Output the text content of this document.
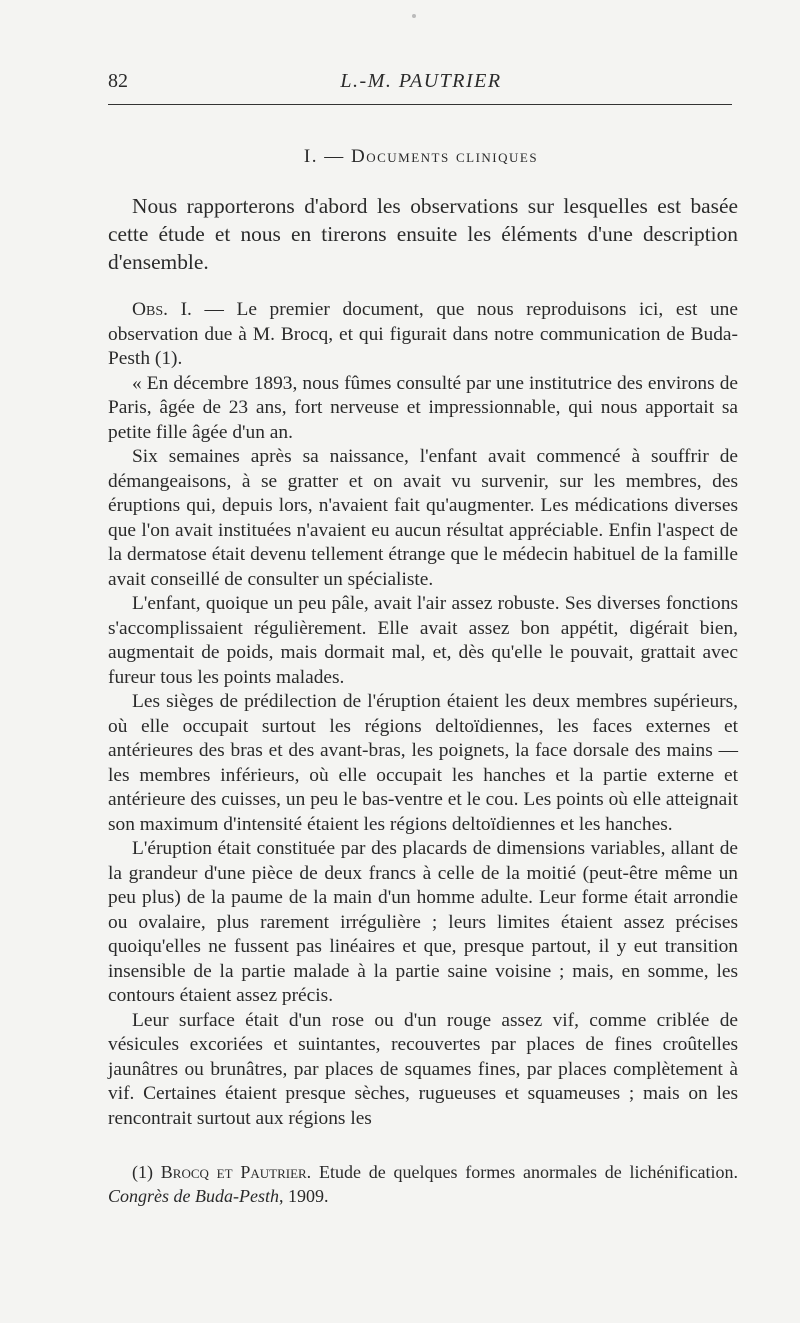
82	L.-M. PAUTRIER
I. — Documents cliniques

Nous rapporterons d'abord les observations sur lesquelles est basée cette étude et nous en tirerons ensuite les éléments d'une description d'ensemble.

Obs. I. — Le premier document, que nous reproduisons ici, est une observation due à M. Brocq, et qui figurait dans notre communication de Buda-Pesth (1).

« En décembre 1893, nous fûmes consulté par une institutrice des environs de Paris, âgée de 23 ans, fort nerveuse et impressionnable, qui nous apportait sa petite fille âgée d'un an.

Six semaines après sa naissance, l'enfant avait commencé à souffrir de démangeaisons, à se gratter et on avait vu survenir, sur les membres, des éruptions qui, depuis lors, n'avaient fait qu'augmenter. Les médications diverses que l'on avait instituées n'avaient eu aucun résultat appréciable. Enfin l'aspect de la dermatose était devenu tellement étrange que le médecin habituel de la famille avait conseillé de consulter un spécialiste.

L'enfant, quoique un peu pâle, avait l'air assez robuste. Ses diverses fonctions s'accomplissaient régulièrement. Elle avait assez bon appétit, digérait bien, augmentait de poids, mais dormait mal, et, dès qu'elle le pouvait, grattait avec fureur tous les points malades.

Les sièges de prédilection de l'éruption étaient les deux membres supérieurs, où elle occupait surtout les régions deltoïdiennes, les faces externes et antérieures des bras et des avant-bras, les poignets, la face dorsale des mains — les membres inférieurs, où elle occupait les hanches et la partie externe et antérieure des cuisses, un peu le bas-ventre et le cou. Les points où elle atteignait son maximum d'intensité étaient les régions deltoïdiennes et les hanches.

L'éruption était constituée par des placards de dimensions variables, allant de la grandeur d'une pièce de deux francs à celle de la moitié (peut-être même un peu plus) de la paume de la main d'un homme adulte. Leur forme était arrondie ou ovalaire, plus rarement irrégulière ; leurs limites étaient assez précises quoiqu'elles ne fussent pas linéaires et que, presque partout, il y eut transition insensible de la partie malade à la partie saine voisine ; mais, en somme, les contours étaient assez précis.

Leur surface était d'un rose ou d'un rouge assez vif, comme criblée de vésicules excoriées et suintantes, recouvertes par places de fines croûtelles jaunâtres ou brunâtres, par places de squames fines, par places complètement à vif. Certaines étaient presque sèches, rugueuses et squameuses ; mais on les rencontrait surtout aux régions les

(1) Brocq et Pautrier. Etude de quelques formes anormales de lichénification. Congrès de Buda-Pesth, 1909.
